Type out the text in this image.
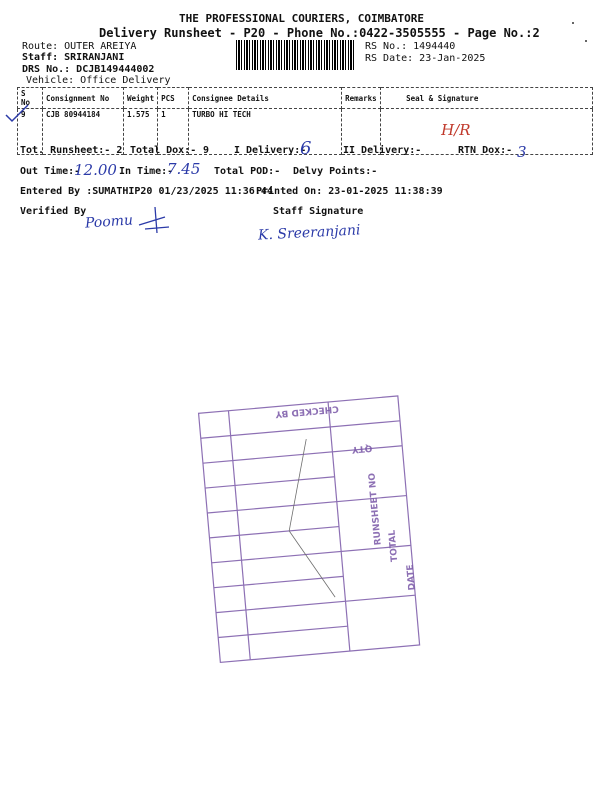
THE PROFESSIONAL COURIERS, COIMBATORE
Delivery Runsheet - P20 - Phone No.:0422-3505555 - Page No.:2
Route: OUTER AREIYA
Staff: SRIRANJANI
DRS No.: DCJB149444002
Vehicle: Office Delivery
RS No.: 1494440
RS Date: 23-Jan-2025
S No	Consignment No	Weight	PCS	Consignee Details	Remarks	Seal & Signature
9	CJB 80944184	1.575	1	TURBO HI TECH		H/R
Tot. Runsheet:- 2 Total Dox:- 9 I Delivery:-
6	II Delivery:-	RTN Dox:- 3
Out Time:-
12.00 In Time:-
7.45 Total POD:- Delvy Points:-
Entered By :SUMATHIP20 01/23/2025 11:36:44
Printed On: 23-01-2025 11:38:39
Verified By	Staff Signature
Poomu
K. Sreeranjani
CHECKED BY
QTY
RUNSHEET NO
TOTAL
DATE
